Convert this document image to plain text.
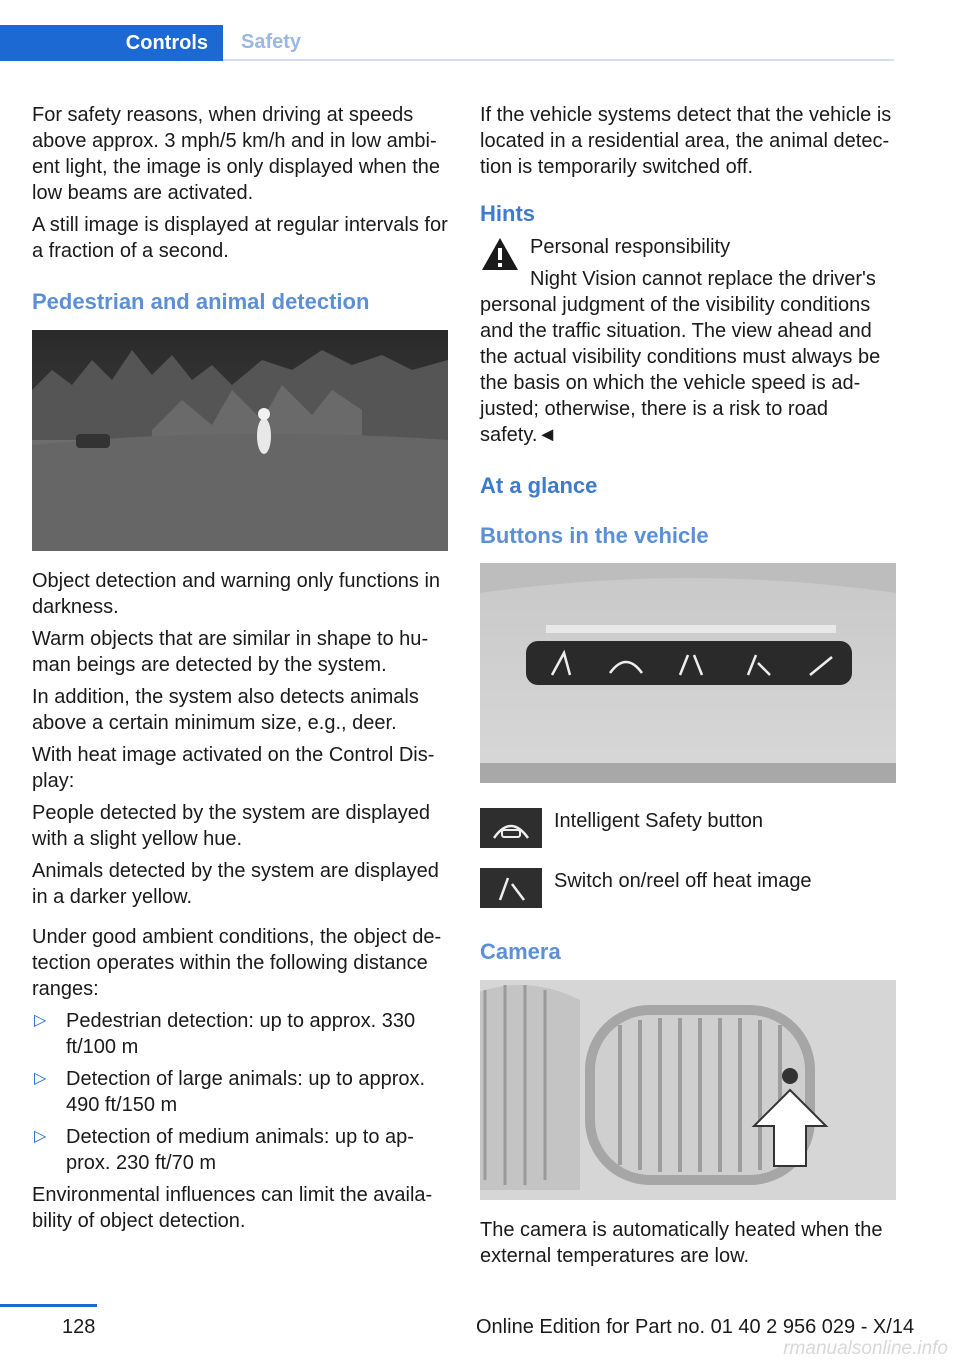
Controls	Safety

For safety reasons, when driving at speeds above approx. 3 mph/5 km/h and in low ambient light, the image is only displayed when the low beams are activated.

A still image is displayed at regular intervals for a fraction of a second.

Pedestrian and animal detection

Object detection and warning only functions in darkness.

Warm objects that are similar in shape to human beings are detected by the system.

In addition, the system also detects animals above a certain minimum size, e.g., deer.

With heat image activated on the Control Display:

People detected by the system are displayed with a slight yellow hue.

Animals detected by the system are displayed in a darker yellow.

Under good ambient conditions, the object detection operates within the following distance ranges:

▷ Pedestrian detection: up to approx. 330 ft/100 m
▷ Detection of large animals: up to approx. 490 ft/150 m
▷ Detection of medium animals: up to approx. 230 ft/70 m

Environmental influences can limit the availability of object detection.

If the vehicle systems detect that the vehicle is located in a residential area, the animal detection is temporarily switched off.

Hints

Personal responsibility

Night Vision cannot replace the driver's personal judgment of the visibility conditions and the traffic situation. The view ahead and the actual visibility conditions must always be the basis on which the vehicle speed is adjusted; otherwise, there is a risk to road safety.◄

At a glance
Buttons in the vehicle
Intelligent Safety button
Switch on/reel off heat image
Camera

The camera is automatically heated when the external temperatures are low.

128	Online Edition for Part no. 01 40 2 956 029 - X/14
rmanualsonline.info
